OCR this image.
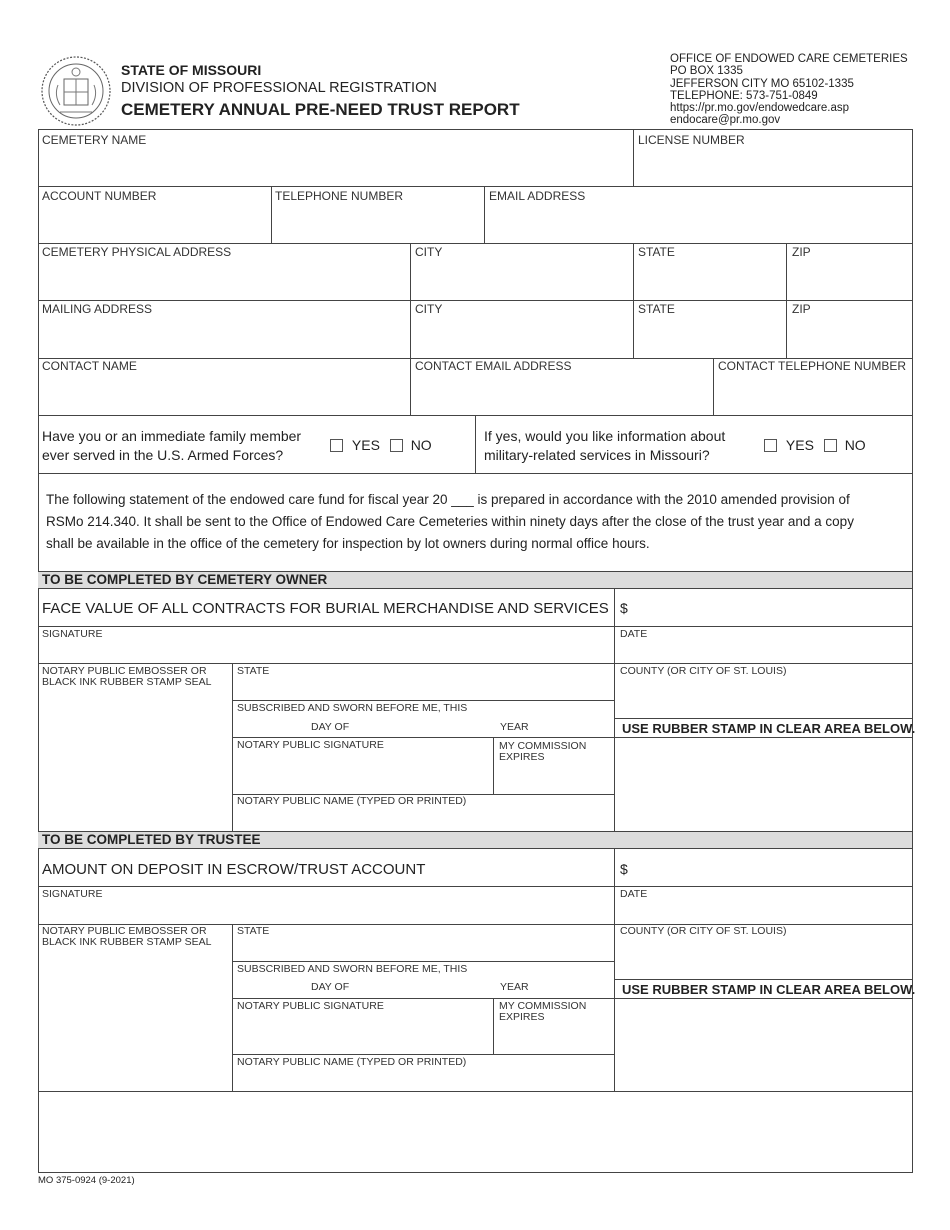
STATE OF MISSOURI
DIVISION OF PROFESSIONAL REGISTRATION
CEMETERY ANNUAL PRE-NEED TRUST REPORT
OFFICE OF ENDOWED CARE CEMETERIES
PO BOX 1335
JEFFERSON CITY MO 65102-1335
TELEPHONE: 573-751-0849
https://pr.mo.gov/endowedcare.asp
endocare@pr.mo.gov
CEMETERY NAME	LICENSE NUMBER
ACCOUNT NUMBER	TELEPHONE NUMBER	EMAIL ADDRESS
CEMETERY PHYSICAL ADDRESS	CITY	STATE	ZIP
MAILING ADDRESS	CITY	STATE	ZIP
CONTACT NAME	CONTACT EMAIL ADDRESS	CONTACT TELEPHONE NUMBER
Have you or an immediate family member
ever served in the U.S. Armed Forces?
YES NO
If yes, would you like information about
military-related services in Missouri?
YES NO
The following statement of the endowed care fund for fiscal year 20 ___ is prepared in accordance with the 2010 amended provision of
RSMo 214.340. It shall be sent to the Office of Endowed Care Cemeteries within ninety days after the close of the trust year and a copy
shall be available in the office of the cemetery for inspection by lot owners during normal office hours.
TO BE COMPLETED BY CEMETERY OWNER
FACE VALUE OF ALL CONTRACTS FOR BURIAL MERCHANDISE AND SERVICES $
SIGNATURE	DATE
NOTARY PUBLIC EMBOSSER OR
BLACK INK RUBBER STAMP SEAL
STATE	COUNTY (OR CITY OF ST. LOUIS)
SUBSCRIBED AND SWORN BEFORE ME, THIS
DAY OF	YEAR	USE RUBBER STAMP IN CLEAR AREA BELOW.
NOTARY PUBLIC SIGNATURE	MY COMMISSION
EXPIRES
NOTARY PUBLIC NAME (TYPED OR PRINTED)
TO BE COMPLETED BY TRUSTEE
AMOUNT ON DEPOSIT IN ESCROW/TRUST ACCOUNT	$
SIGNATURE	DATE
NOTARY PUBLIC EMBOSSER OR
BLACK INK RUBBER STAMP SEAL
STATE	COUNTY (OR CITY OF ST. LOUIS)
SUBSCRIBED AND SWORN BEFORE ME, THIS
DAY OF	YEAR	USE RUBBER STAMP IN CLEAR AREA BELOW.
NOTARY PUBLIC SIGNATURE	MY COMMISSION
EXPIRES
NOTARY PUBLIC NAME (TYPED OR PRINTED)
MO 375-0924 (9-2021)
